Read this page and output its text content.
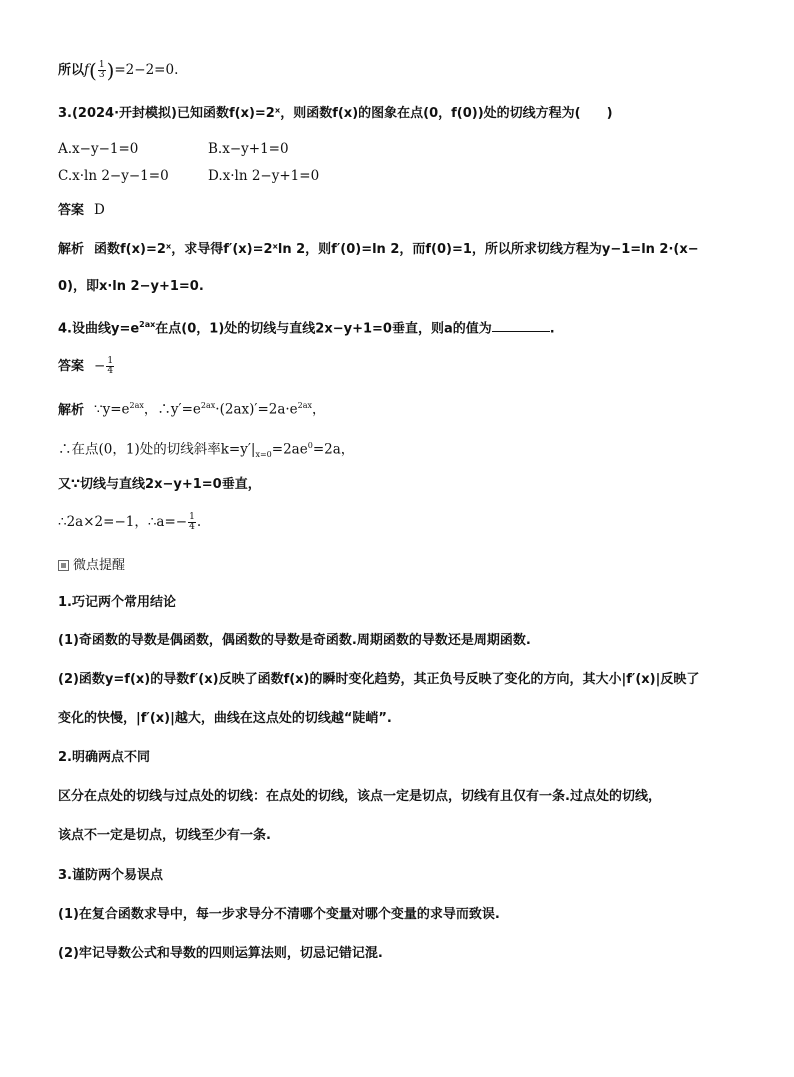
所以$f( \frac{1}{3} )=2-2=0$.
3.(2024·开封模拟)已知函数f(x)=2ˣ，则函数f(x)的图象在点(0，f(0))处的切线方程为(　　)
A.x−y−1=0	B.x−y+1=0
C.x·ln 2−y−1=0	D.x·ln 2−y+1=0
答案 D
解析 函数f(x)=2ˣ，求导得f′(x)=2ˣln 2，则f′(0)=ln 2，而f(0)=1，所以所求切线方程为y−1=ln 2·(x−
0)，即x·ln 2−y+1=0.
4.设曲线$y=e^{2ax}$在点(0，1)处的切线与直线2x−y+1=0垂直，则a的值为	.
答案 − $\frac{1}{4}$
解析 $\because y=e^{2ax}$，$\therefore y'=e^{2ax}\cdot(2ax)'=2a\cdot e^{2ax}$，
∴在点(0，1)处的切线斜率$k=y'|_{x=0}=2ae^0=2a$，
又∵切线与直线2x−y+1=0垂直，
∴2a×2=−1，∴a=− $\frac{1}{4}$ .
微点提醒
1.巧记两个常用结论
(1)奇函数的导数是偶函数，偶函数的导数是奇函数.周期函数的导数还是周期函数.
(2)函数y=f(x)的导数f′(x)反映了函数f(x)的瞬时变化趋势，其正负号反映了变化的方向，其大小|f′(x)|反映了
变化的快慢，|f′(x)|越大，曲线在这点处的切线越“陡峭”.
2.明确两点不同
区分在点处的切线与过点处的切线：在点处的切线，该点一定是切点，切线有且仅有一条.过点处的切线，
该点不一定是切点，切线至少有一条.
3.谨防两个易误点
(1)在复合函数求导中，每一步求导分不清哪个变量对哪个变量的求导而致误.
(2)牢记导数公式和导数的四则运算法则，切忌记错记混.
